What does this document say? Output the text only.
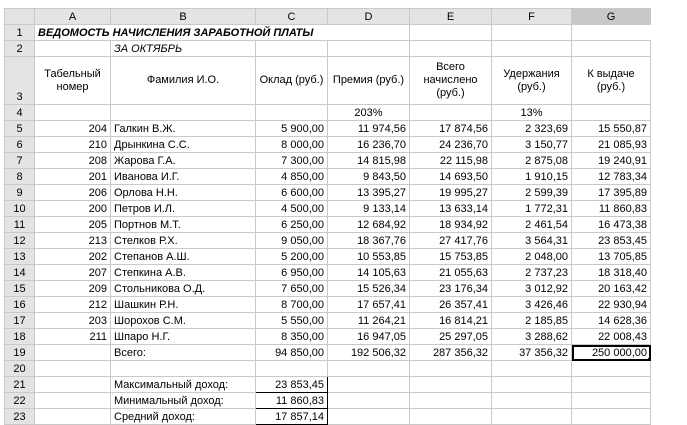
	A	B	C	D	E	F	G
1	ВЕДОМОСТЬ НАЧИСЛЕНИЯ ЗАРАБОТНОЙ ПЛАТЫ						
2		ЗА ОКТЯБРЬ					
3	Табельный номер	Фамилия И.О.	Оклад (руб.)	Премия (руб.)	Всего начислено (руб.)	Удержания (руб.)	К выдаче (руб.)
4				203%		13%	
5	204	Галкин В.Ж.	5 900,00	11 974,56	17 874,56	2 323,69	15 550,87
6	210	Дрынкина С.С.	8 000,00	16 236,70	24 236,70	3 150,77	21 085,93
7	208	Жарова Г.А.	7 300,00	14 815,98	22 115,98	2 875,08	19 240,91
8	201	Иванова И.Г.	4 850,00	9 843,50	14 693,50	1 910,15	12 783,34
9	206	Орлова Н.Н.	6 600,00	13 395,27	19 995,27	2 599,39	17 395,89
10	200	Петров И.Л.	4 500,00	9 133,14	13 633,14	1 772,31	11 860,83
11	205	Портнов М.Т.	6 250,00	12 684,92	18 934,92	2 461,54	16 473,38
12	213	Стелков Р.Х.	9 050,00	18 367,76	27 417,76	3 564,31	23 853,45
13	202	Степанов А.Ш.	5 200,00	10 553,85	15 753,85	2 048,00	13 705,85
14	207	Степкина А.В.	6 950,00	14 105,63	21 055,63	2 737,23	18 318,40
15	209	Стольникова О.Д.	7 650,00	15 526,34	23 176,34	3 012,92	20 163,42
16	212	Шашкин Р.Н.	8 700,00	17 657,41	26 357,41	3 426,46	22 930,94
17	203	Шорохов С.М.	5 550,00	11 264,21	16 814,21	2 185,85	14 628,36
18	211	Шпаро Н.Г.	8 350,00	16 947,05	25 297,05	3 288,62	22 008,43
19		Всего:	94 850,00	192 506,32	287 356,32	37 356,32	250 000,00

20							
21		Максимальный доход:	23 853,45				
22		Минимальный доход:	11 860,83				
23		Средний доход:	17 857,14				
